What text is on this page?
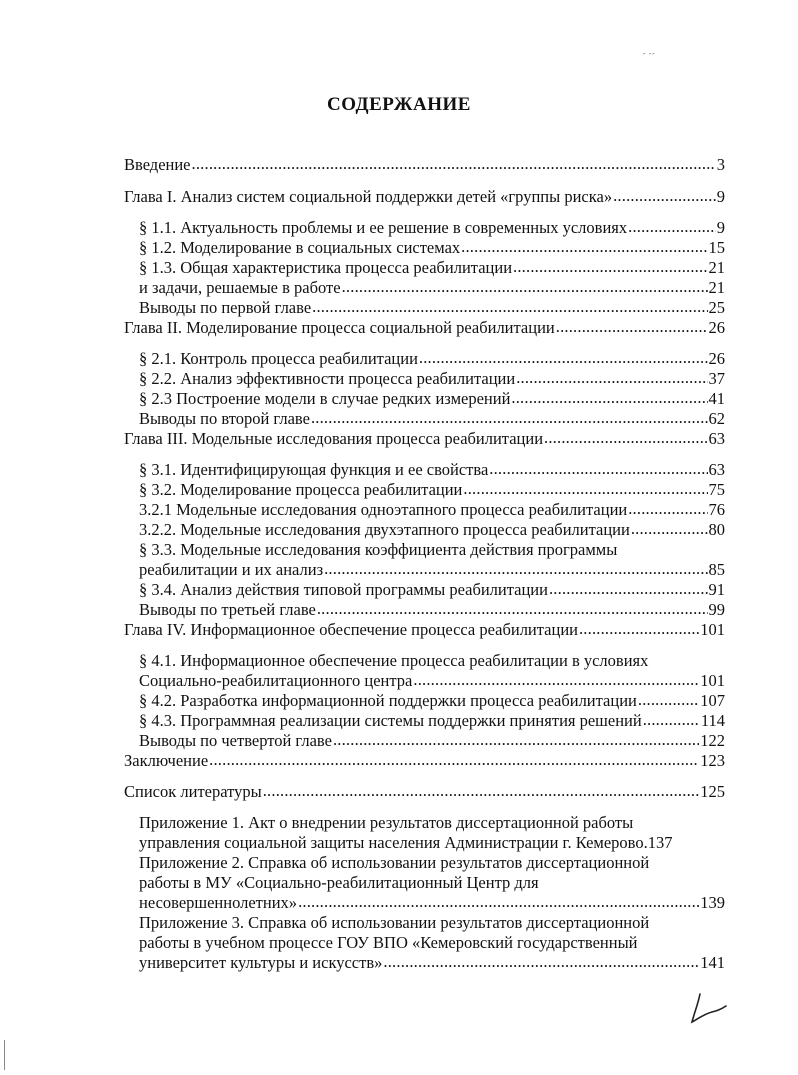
´ ´´
СОДЕРЖАНИЕ
Введение .....	3
Глава I. Анализ систем социальной поддержки детей «группы риска» .....	9
§ 1.1. Актуальность проблемы и ее решение в современных условиях .....	9
§ 1.2. Моделирование в социальных системах .....	15
§ 1.3. Общая характеристика процесса реабилитации .....	21
и задачи, решаемые в работе .....	21
Выводы по первой главе .....	25
Глава II. Моделирование процесса социальной реабилитации .....	26
§ 2.1. Контроль процесса реабилитации .....	26
§ 2.2. Анализ эффективности процесса реабилитации .....	37
§ 2.3 Построение модели в случае редких измерений .....	41
Выводы по второй главе .....	62
Глава III. Модельные исследования процесса реабилитации .....	63
§ 3.1. Идентифицирующая функция и ее свойства .....	63
§ 3.2. Моделирование процесса реабилитации .....	75
3.2.1 Модельные исследования одноэтапного процесса реабилитации .....	76
3.2.2. Модельные исследования двухэтапного процесса реабилитации .....	80
§ 3.3. Модельные исследования коэффициента действия программы
реабилитации и их анализ .....	85
§ 3.4. Анализ действия типовой программы реабилитации .....	91
Выводы по третьей главе .....	99
Глава IV. Информационное обеспечение процесса реабилитации .....	101
§ 4.1. Информационное обеспечение процесса реабилитации в условиях
Социально-реабилитационного центра .....	101
§ 4.2. Разработка информационной поддержки процесса реабилитации .....	107
§ 4.3. Программная реализации системы поддержки принятия решений .....	114
Выводы по четвертой главе .....	122
Заключение .....	123
Список литературы .....	125
Приложение 1. Акт о внедрении результатов диссертационной работы
управления социальной защиты населения Администрации г. Кемерово. 137
Приложение 2. Справка об использовании результатов диссертационной
работы в МУ «Социально-реабилитационный Центр для
несовершеннолетних» .....	139
Приложение 3. Справка об использовании результатов диссертационной
работы в учебном процессе ГОУ ВПО «Кемеровский государственный
университет культуры и искусств» .....	141
